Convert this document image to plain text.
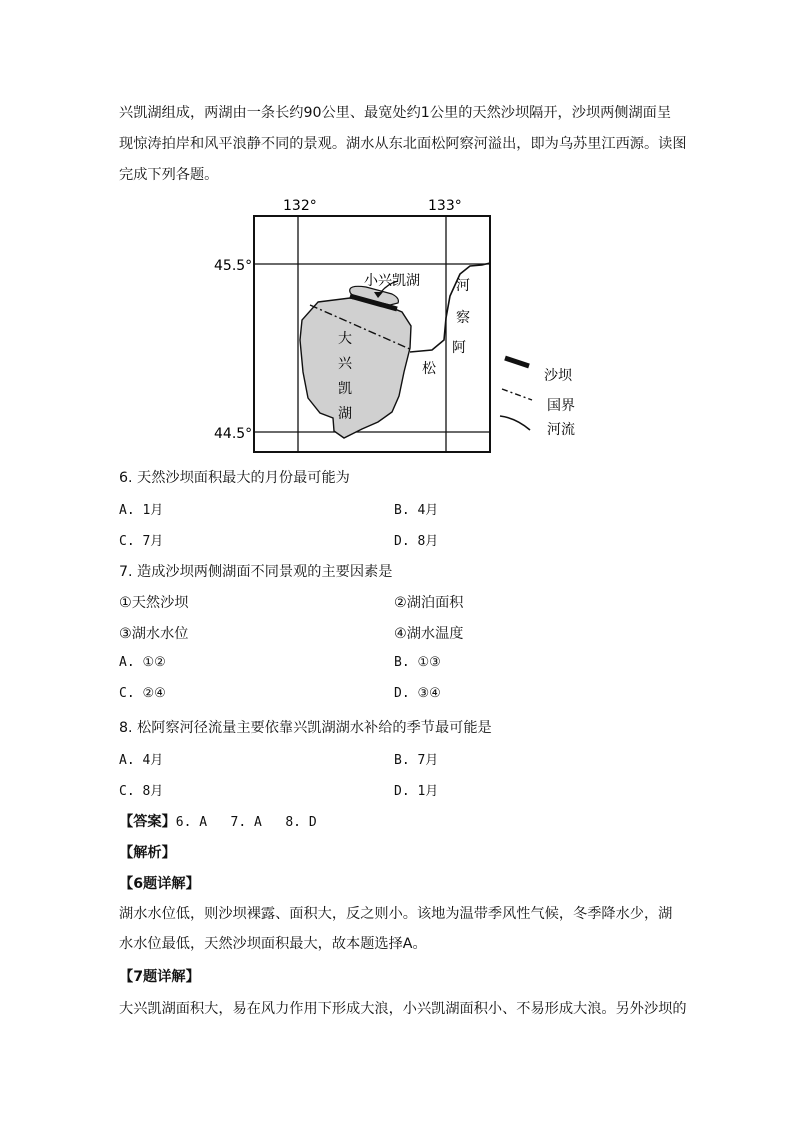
兴凯湖组成，两湖由一条长约90公里、最宽处约1公里的天然沙坝隔开，沙坝两侧湖面呈
现惊涛拍岸和风平浪静不同的景观。湖水从东北面松阿察河溢出，即为乌苏里江西源。读图
完成下列各题。
132°	133°
45.5°
44.5°
小兴凯湖
大
兴
凯
湖
河
察
阿
松	沙坝
国界
河流
6. 天然沙坝面积最大的月份最可能为
A. 1月	B. 4月
C. 7月	D. 8月
7. 造成沙坝两侧湖面不同景观的主要因素是
①天然沙坝	②湖泊面积
③湖水水位	④湖水温度
A. ①②	B. ①③
C. ②④	D. ③④
8. 松阿察河径流量主要依靠兴凯湖湖水补给的季节最可能是
A. 4月	B. 7月
C. 8月	D. 1月
【答案】6. A   7. A   8. D
【解析】
【6题详解】
湖水水位低，则沙坝裸露、面积大，反之则小。该地为温带季风性气候，冬季降水少，湖水水位最低，天然沙坝面积最大，故本题选择A。
【7题详解】
大兴凯湖面积大，易在风力作用下形成大浪，小兴凯湖面积小、不易形成大浪。另外沙坝的
